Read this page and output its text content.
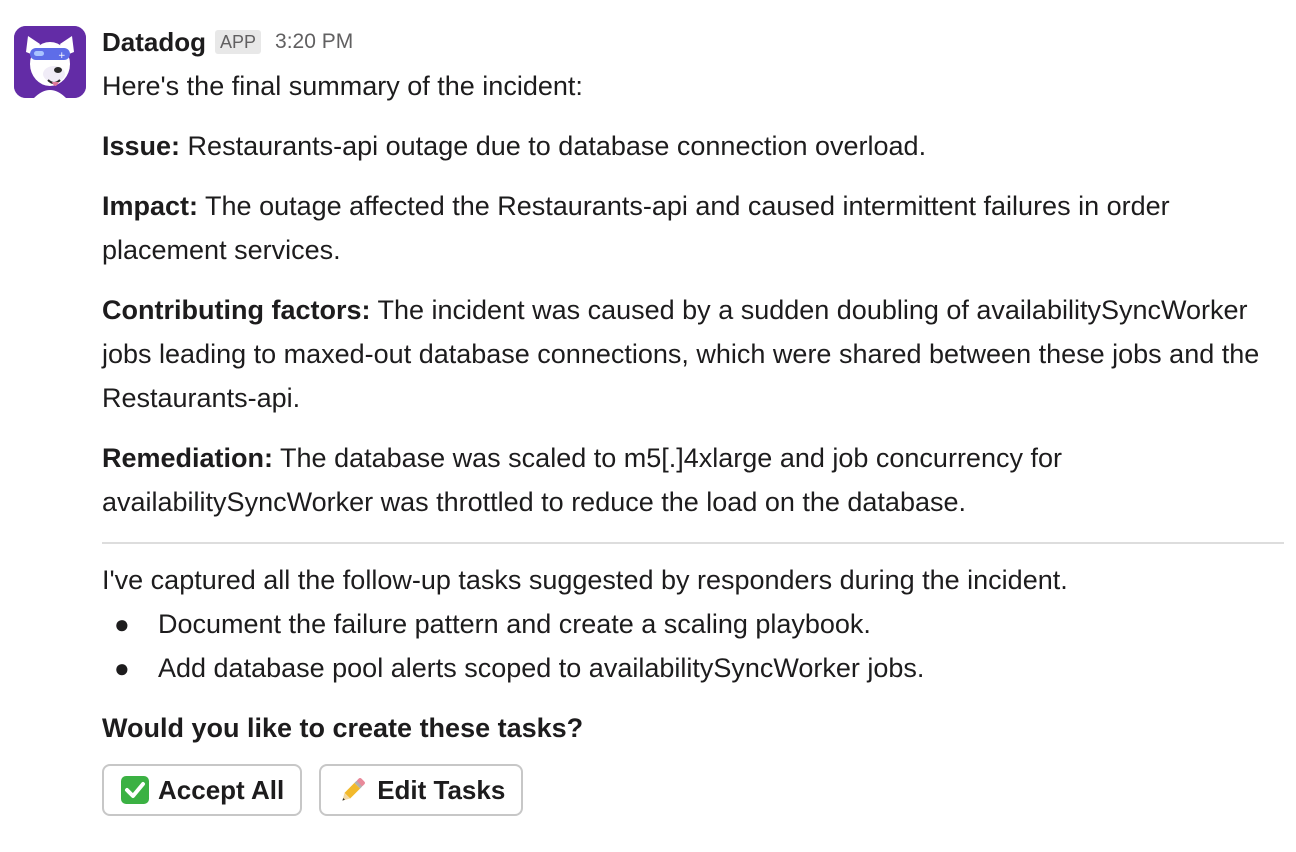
+ Datadog APP 3:20 PM

Here's the final summary of the incident:

Issue: Restaurants-api outage due to database connection overload.

Impact: The outage affected the Restaurants-api and caused intermittent failures in order placement services.

Contributing factors: The incident was caused by a sudden doubling of availabilitySyncWorker jobs leading to maxed-out database connections, which were shared between these jobs and the Restaurants-api.

Remediation: The database was scaled to m5[.]4xlarge and job concurrency for availabilitySyncWorker was throttled to reduce the load on the database.

I've captured all the follow-up tasks suggested by responders during the incident.

● Document the failure pattern and create a scaling playbook.
● Add database pool alerts scoped to availabilitySyncWorker jobs.

Would you like to create these tasks?

Accept All	Edit Tasks
